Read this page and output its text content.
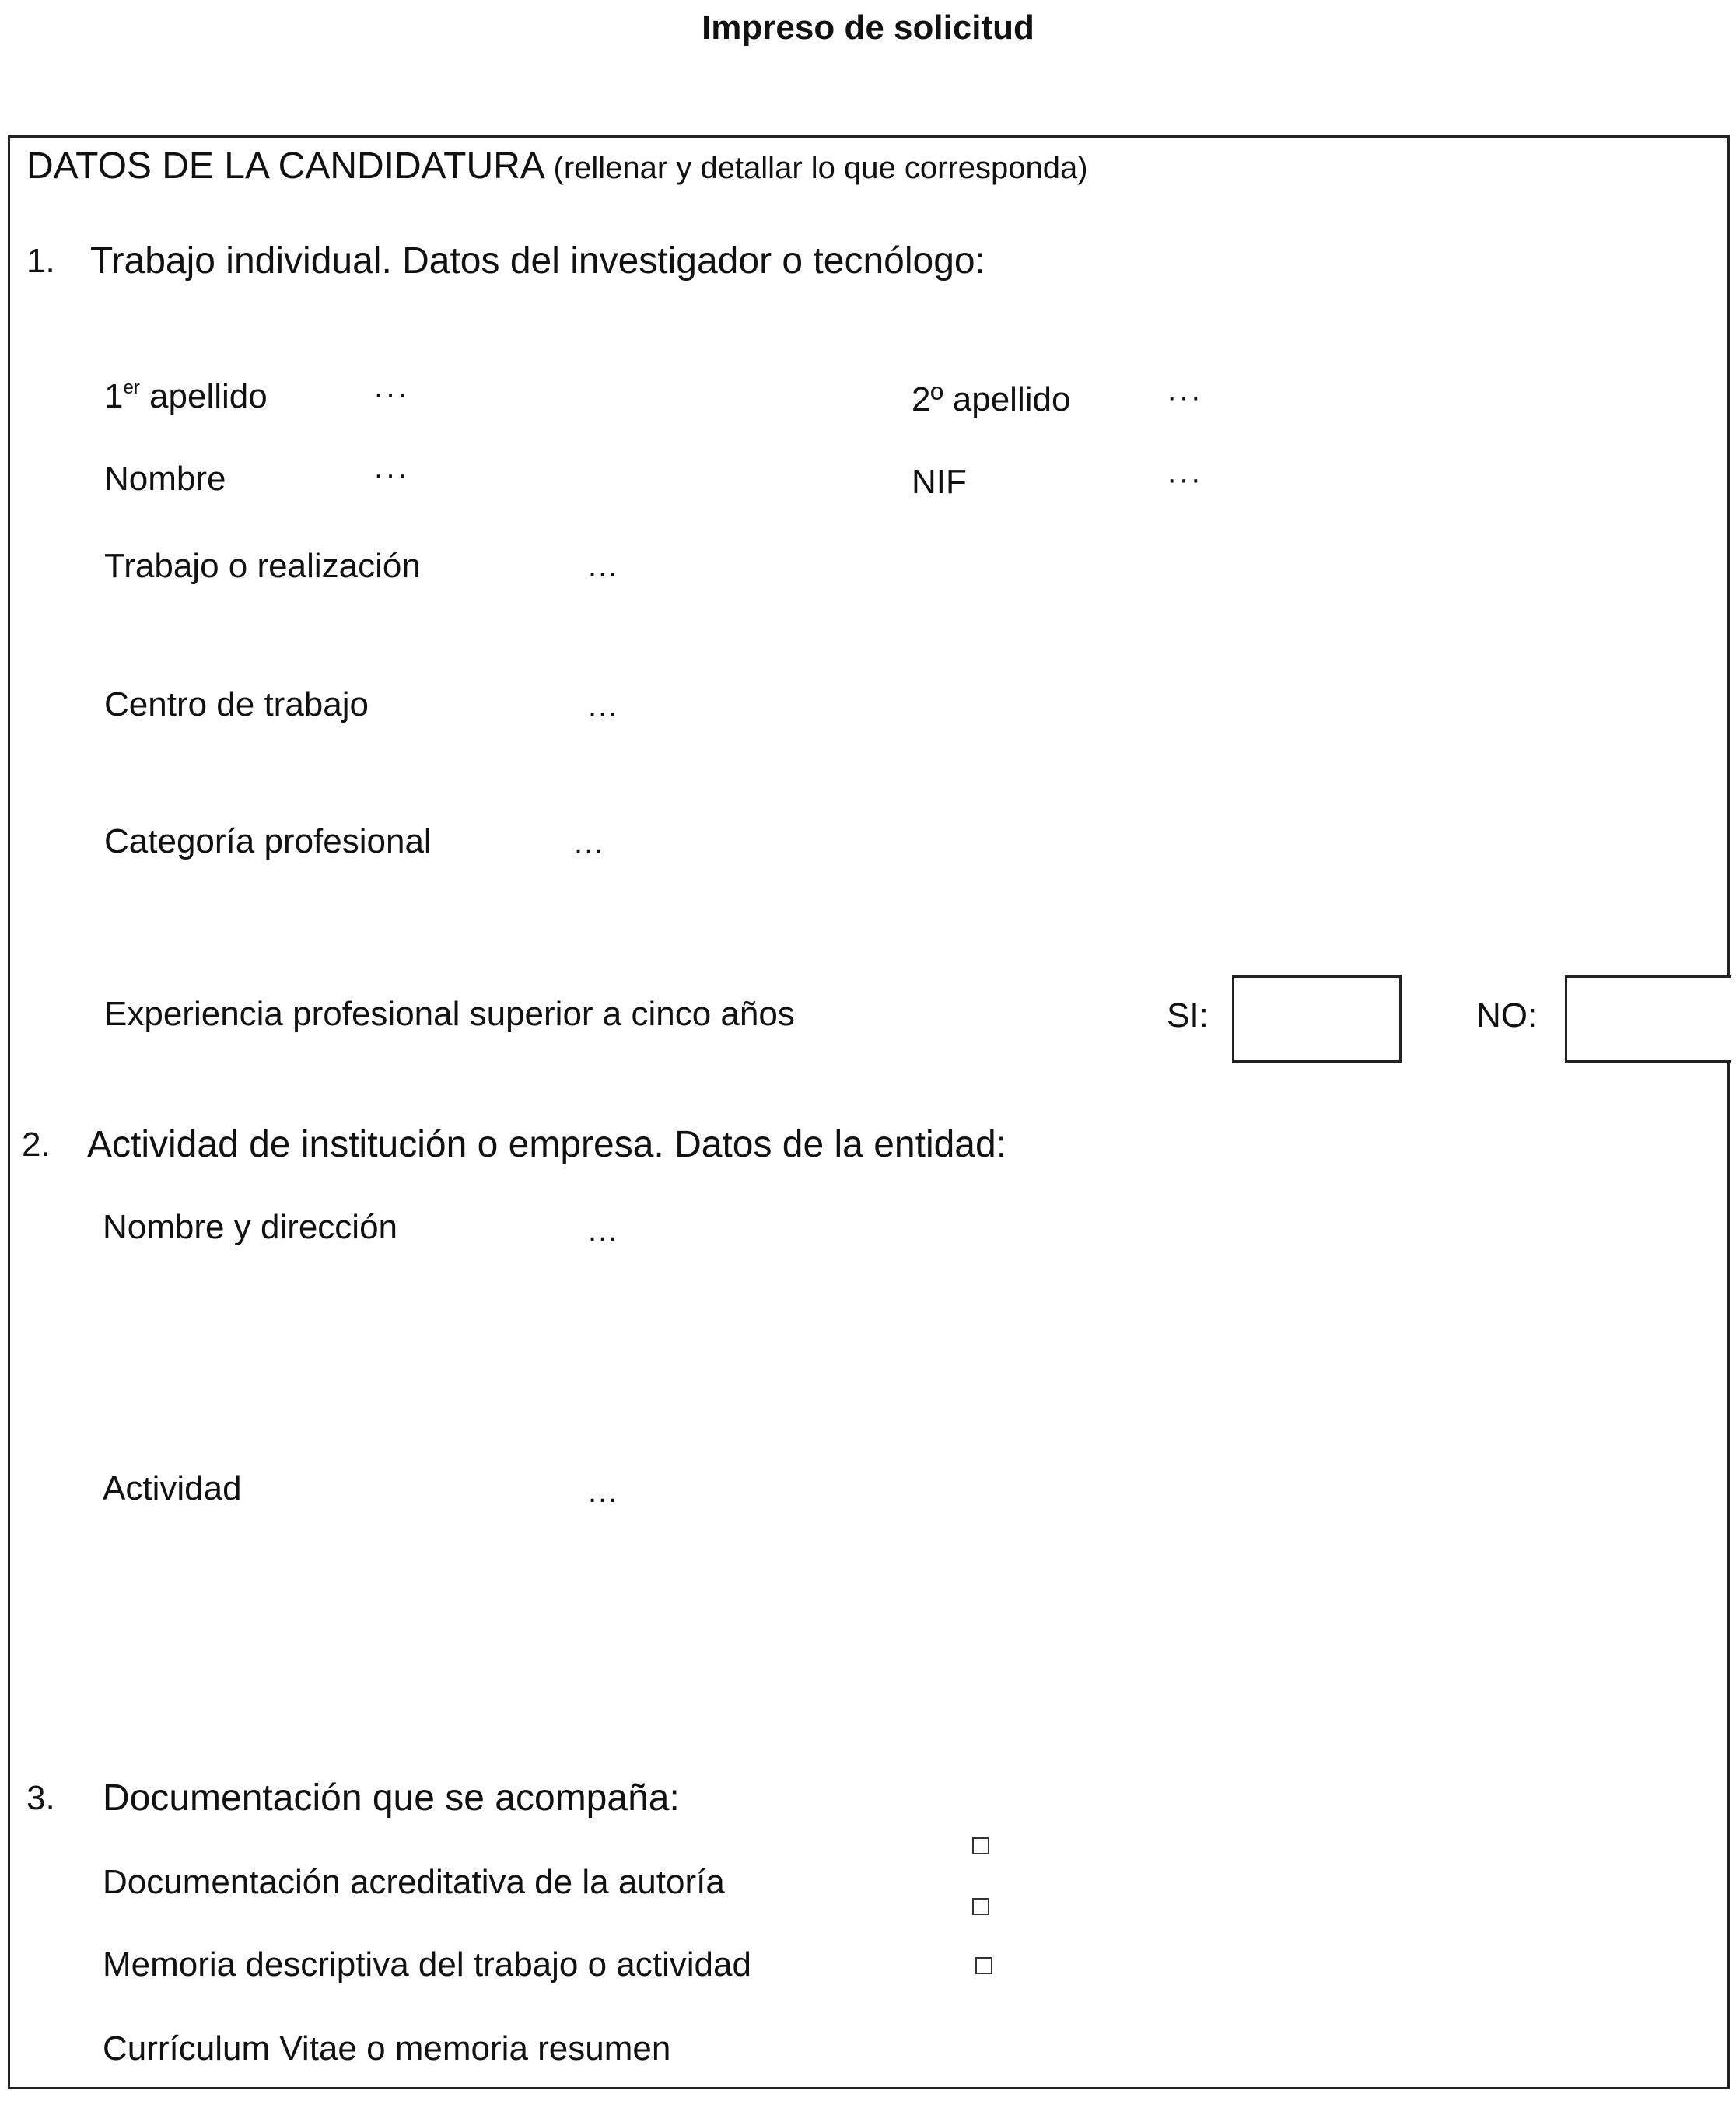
Impreso de solicitud
DATOS DE LA CANDIDATURA (rellenar y detallar lo que corresponda)
1. Trabajo individual. Datos del investigador o tecnólogo:
1er apellido	···	2º apellido	···
Nombre	···	NIF	···
Trabajo o realización	...
Centro de trabajo	...
Categoría profesional	...
Experiencia profesional superior a cinco años	SI:	NO:
2. Actividad de institución o empresa. Datos de la entidad:
Nombre y dirección	...
Actividad	...
3. Documentación que se acompaña:
Documentación acreditativa de la autoría
Memoria descriptiva del trabajo o actividad
Currículum Vitae o memoria resumen
